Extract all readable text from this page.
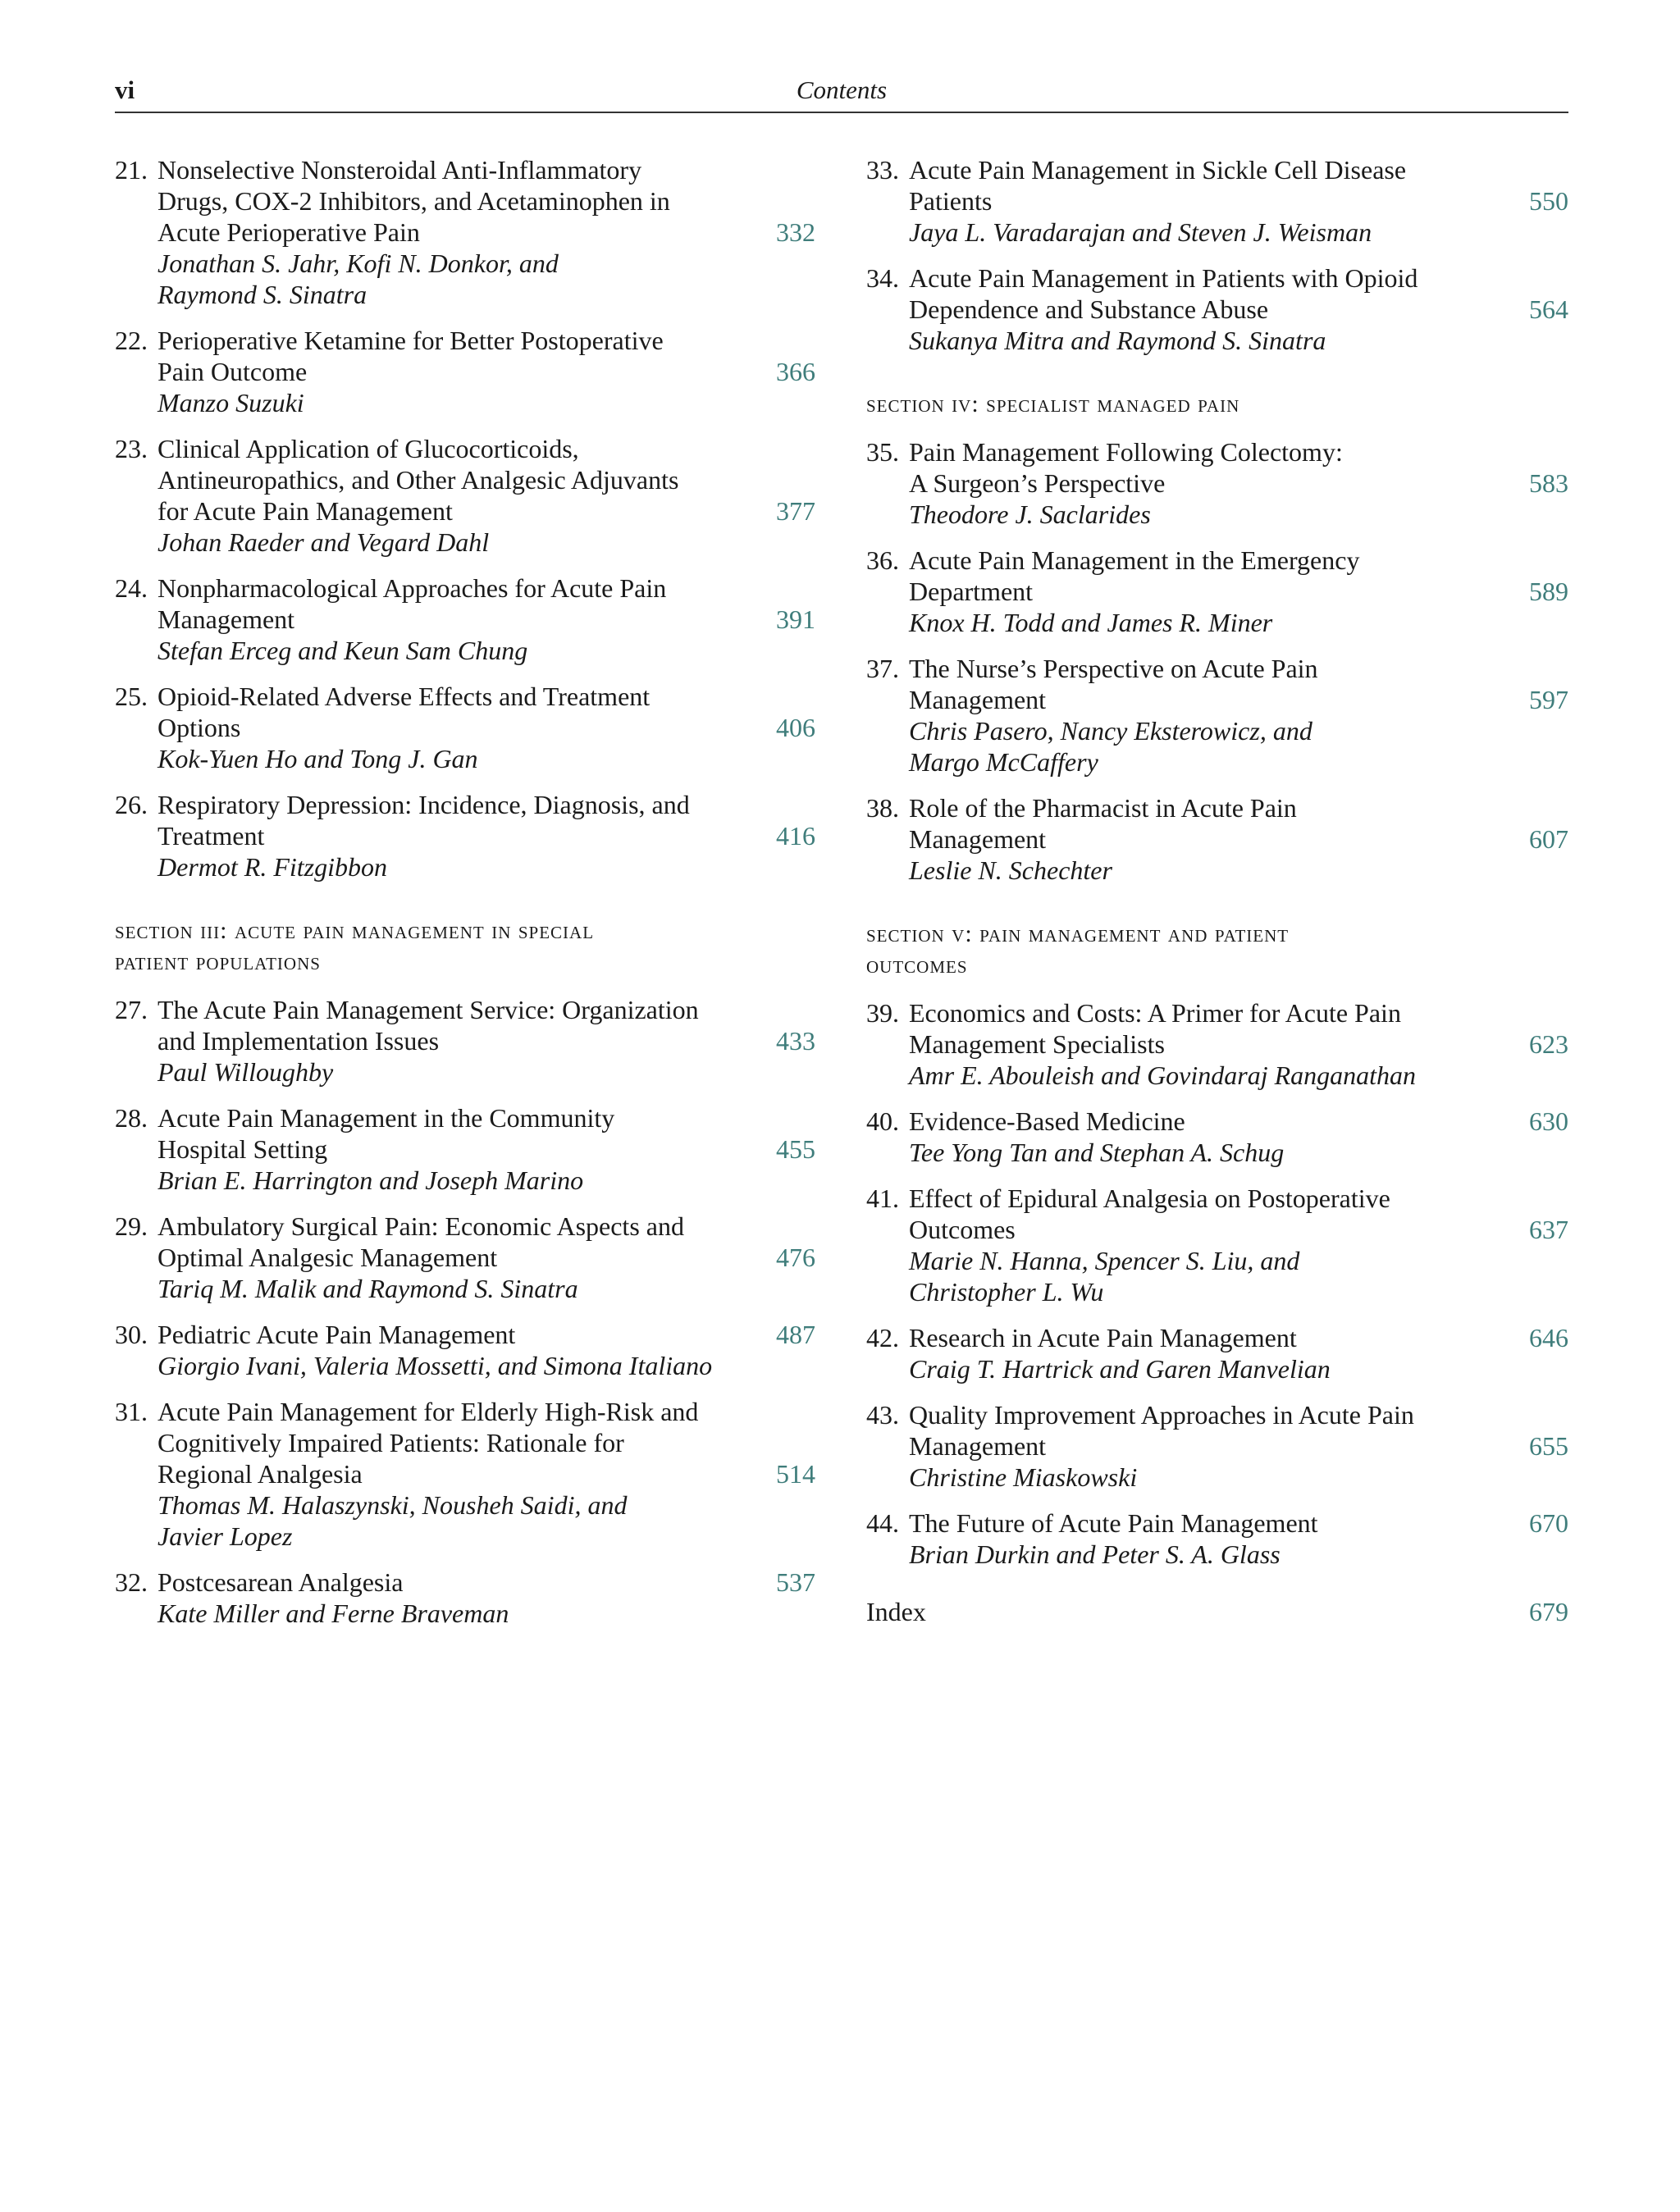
vi	Contents
21. Nonselective Nonsteroidal Anti-Inflammatory
Drugs, COX-2 Inhibitors, and Acetaminophen in
Acute Perioperative Pain
Jonathan S. Jahr, Kofi N. Donkor, and
Raymond S. Sinatra
332
22. Perioperative Ketamine for Better Postoperative
Pain Outcome
Manzo Suzuki
366
23. Clinical Application of Glucocorticoids,
Antineuropathics, and Other Analgesic Adjuvants
for Acute Pain Management
Johan Raeder and Vegard Dahl
377
24. Nonpharmacological Approaches for Acute Pain
Management
Stefan Erceg and Keun Sam Chung
391
25. Opioid-Related Adverse Effects and Treatment
Options
Kok-Yuen Ho and Tong J. Gan
406
26. Respiratory Depression: Incidence, Diagnosis, and
Treatment
Dermot R. Fitzgibbon
416
section iii: acute pain management in special
patient populations
27. The Acute Pain Management Service: Organization
and Implementation Issues
Paul Willoughby
433
28. Acute Pain Management in the Community
Hospital Setting
Brian E. Harrington and Joseph Marino
455
29. Ambulatory Surgical Pain: Economic Aspects and
Optimal Analgesic Management
Tariq M. Malik and Raymond S. Sinatra
476
30. Pediatric Acute Pain Management
Giorgio Ivani, Valeria Mossetti, and Simona Italiano
487
31. Acute Pain Management for Elderly High-Risk and
Cognitively Impaired Patients: Rationale for
Regional Analgesia
Thomas M. Halaszynski, Nousheh Saidi, and
Javier Lopez
514
32. Postcesarean Analgesia
Kate Miller and Ferne Braveman
537
33. Acute Pain Management in Sickle Cell Disease
Patients
Jaya L. Varadarajan and Steven J. Weisman
550
34. Acute Pain Management in Patients with Opioid
Dependence and Substance Abuse
Sukanya Mitra and Raymond S. Sinatra
564
section iv: specialist managed pain
35. Pain Management Following Colectomy:
A Surgeon’s Perspective
Theodore J. Saclarides
583
36. Acute Pain Management in the Emergency
Department
Knox H. Todd and James R. Miner
589
37. The Nurse’s Perspective on Acute Pain
Management
Chris Pasero, Nancy Eksterowicz, and
Margo McCaffery
597
38. Role of the Pharmacist in Acute Pain
Management
Leslie N. Schechter
607
section v: pain management and patient
outcomes
39. Economics and Costs: A Primer for Acute Pain
Management Specialists
Amr E. Abouleish and Govindaraj Ranganathan
623
40. Evidence-Based Medicine
Tee Yong Tan and Stephan A. Schug
630
41. Effect of Epidural Analgesia on Postoperative
Outcomes
Marie N. Hanna, Spencer S. Liu, and
Christopher L. Wu
637
42. Research in Acute Pain Management
Craig T. Hartrick and Garen Manvelian
646
43. Quality Improvement Approaches in Acute Pain
Management
Christine Miaskowski
655
44. The Future of Acute Pain Management
Brian Durkin and Peter S. A. Glass
670
Index	679
